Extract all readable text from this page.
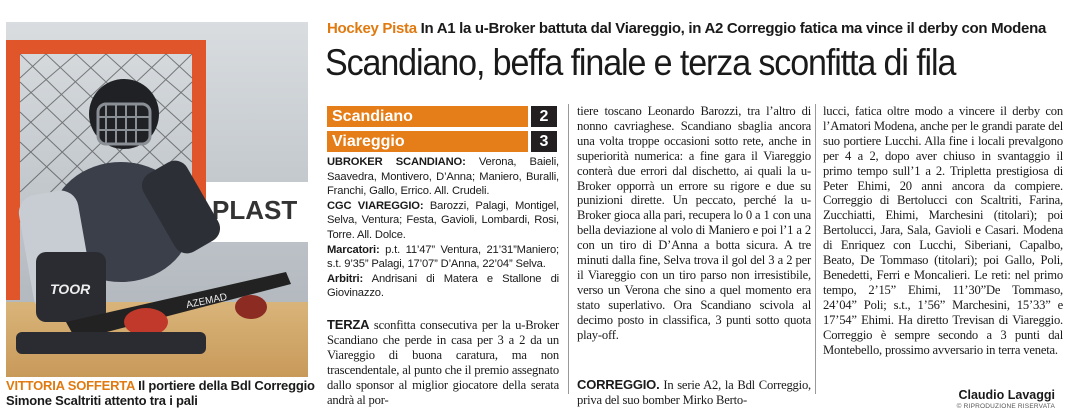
Hockey Pista In A1 la u-Broker battuta dal Viareggio, in A2 Correggio fatica ma vince il derby con Modena
Scandiano, beffa finale e terza sconfitta di fila
PLAST
TOOR
AZEMAD
VITTORIA SOFFERTA Il portiere della Bdl Correggio Simone Scaltriti attento tra i pali
Scandiano	2
Viareggio	3

UBROKER SCANDIANO: Verona, Baieli, Saavedra, Montivero, D’Anna; Maniero, Buralli, Franchi, Gallo, Errico. All. Crudeli.

CGC VIAREGGIO: Barozzi, Palagi, Montigel, Selva, Ventura; Festa, Gavioli, Lombardi, Rosi, Torre. All. Dolce.

Marcatori: p.t. 11’47” Ventura, 21’31”Maniero; s.t. 9’35” Palagi, 17’07” D’Anna, 22’04” Selva.

Arbitri: Andrisani di Matera e Stallone di Giovinazzo.

TERZA sconfitta consecutiva per la u-Broker Scandiano che perde in casa per 3 a 2 da un Viareggio di buona caratura, ma non trascendentale, al punto che il premio assegnato dallo sponsor al miglior giocatore della serata andrà al por-
tiere toscano Leonardo Barozzi, tra l’altro di nonno cavriaghese. Scandiano sbaglia ancora una volta troppe occasioni sotto rete, anche in superiorità numerica: a fine gara il Viareggio conterà due errori dal dischetto, ai quali la u-Broker opporrà un errore su rigore e due su punizioni dirette. Un peccato, perché la u-Broker gioca alla pari, recupera lo 0 a 1 con una bella deviazione al volo di Maniero e poi l’1 a 2 con un tiro di D’Anna a botta sicura. A tre minuti dalla fine, Selva trova il gol del 3 a 2 per il Viareggio con un tiro parso non irresistibile, verso un Verona che sino a quel momento era stato superlativo. Ora Scandiano scivola al decimo posto in classifica, 3 punti sotto quota play-off.
CORREGGIO. In serie A2, la Bdl Correggio, priva del suo bomber Mirko Berto-
lucci, fatica oltre modo a vincere il derby con l’Amatori Modena, anche per le grandi parate del suo portiere Lucchi. Alla fine i locali prevalgono per 4 a 2, dopo aver chiuso in svantaggio il primo tempo sull’1 a 2. Tripletta prestigiosa di Peter Ehimi, 20 anni ancora da compiere. Correggio di Bertolucci con Scaltriti, Farina, Zucchiatti, Ehimi, Marchesini (titolari); poi Bertolucci, Jara, Sala, Gavioli e Casari. Modena di Enriquez con Lucchi, Siberiani, Capalbo, Beato, De Tommaso (titolari); poi Gallo, Poli, Benedetti, Ferri e Moncalieri. Le reti: nel primo tempo, 2’15” Ehimi, 11’30”De Tommaso, 24’04” Poli; s.t., 1’56” Marchesini, 15’33” e 17’54” Ehimi. Ha diretto Trevisan di Viareggio. Correggio è sempre secondo a 3 punti dal Montebello, prossimo avversario in terra veneta.
Claudio Lavaggi
© RIPRODUZIONE RISERVATA
